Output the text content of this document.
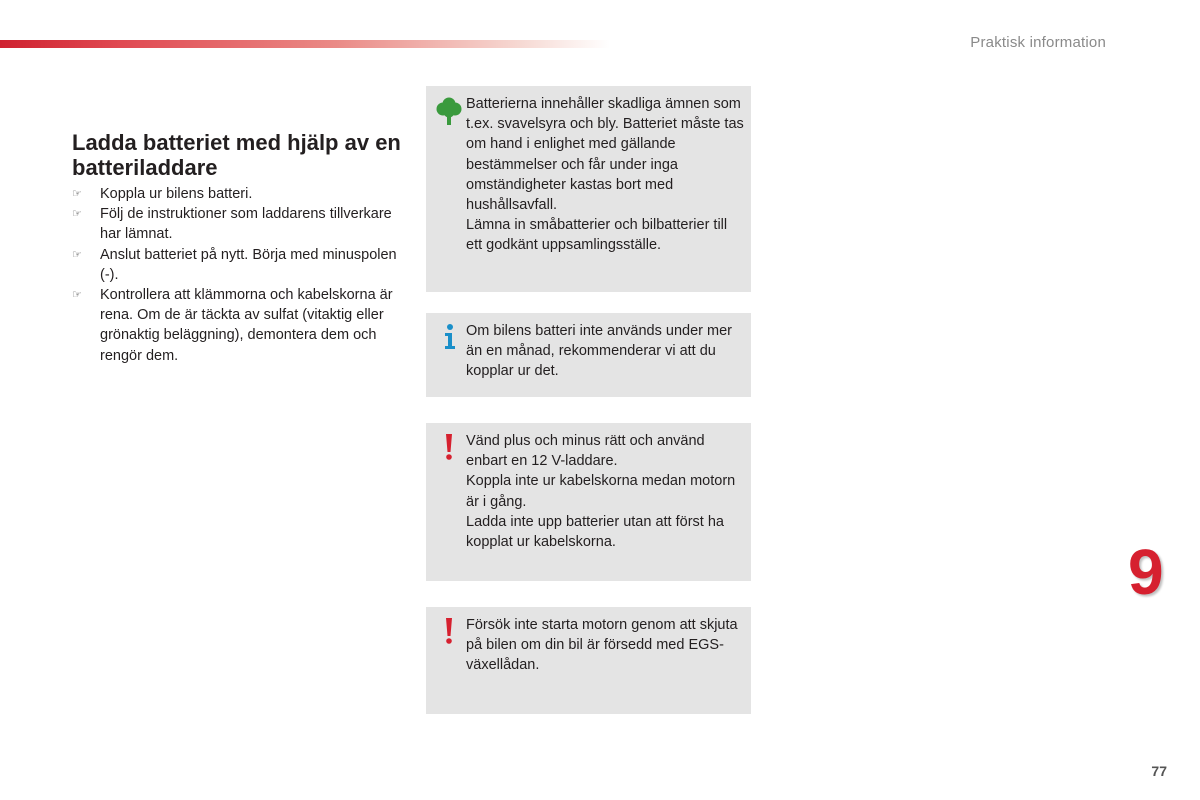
Praktisk information
Ladda batteriet med hjälp av en batteriladdare
☞ Koppla ur bilens batteri.
☞ Följ de instruktioner som laddarens tillverkare har lämnat.
☞ Anslut batteriet på nytt. Börja med minuspolen (-).
☞ Kontrollera att klämmorna och kabelskorna är rena. Om de är täckta av sulfat (vitaktig eller grönaktig beläggning), demontera dem och rengör dem.

Batterierna innehåller skadliga ämnen som t.ex. svavelsyra och bly. Batteriet måste tas om hand i enlighet med gällande bestämmelser och får under inga omständigheter kastas bort med hushållsavfall.

Lämna in småbatterier och bilbatterier till ett godkänt uppsamlingsställe.

Om bilens batteri inte används under mer än en månad, rekommenderar vi att du kopplar ur det.

Vänd plus och minus rätt och använd enbart en 12 V-laddare.

Koppla inte ur kabelskorna medan motorn är i gång.

Ladda inte upp batterier utan att först ha kopplat ur kabelskorna.

Försök inte starta motorn genom att skjuta på bilen om din bil är försedd med EGS-växellådan.

9
77
